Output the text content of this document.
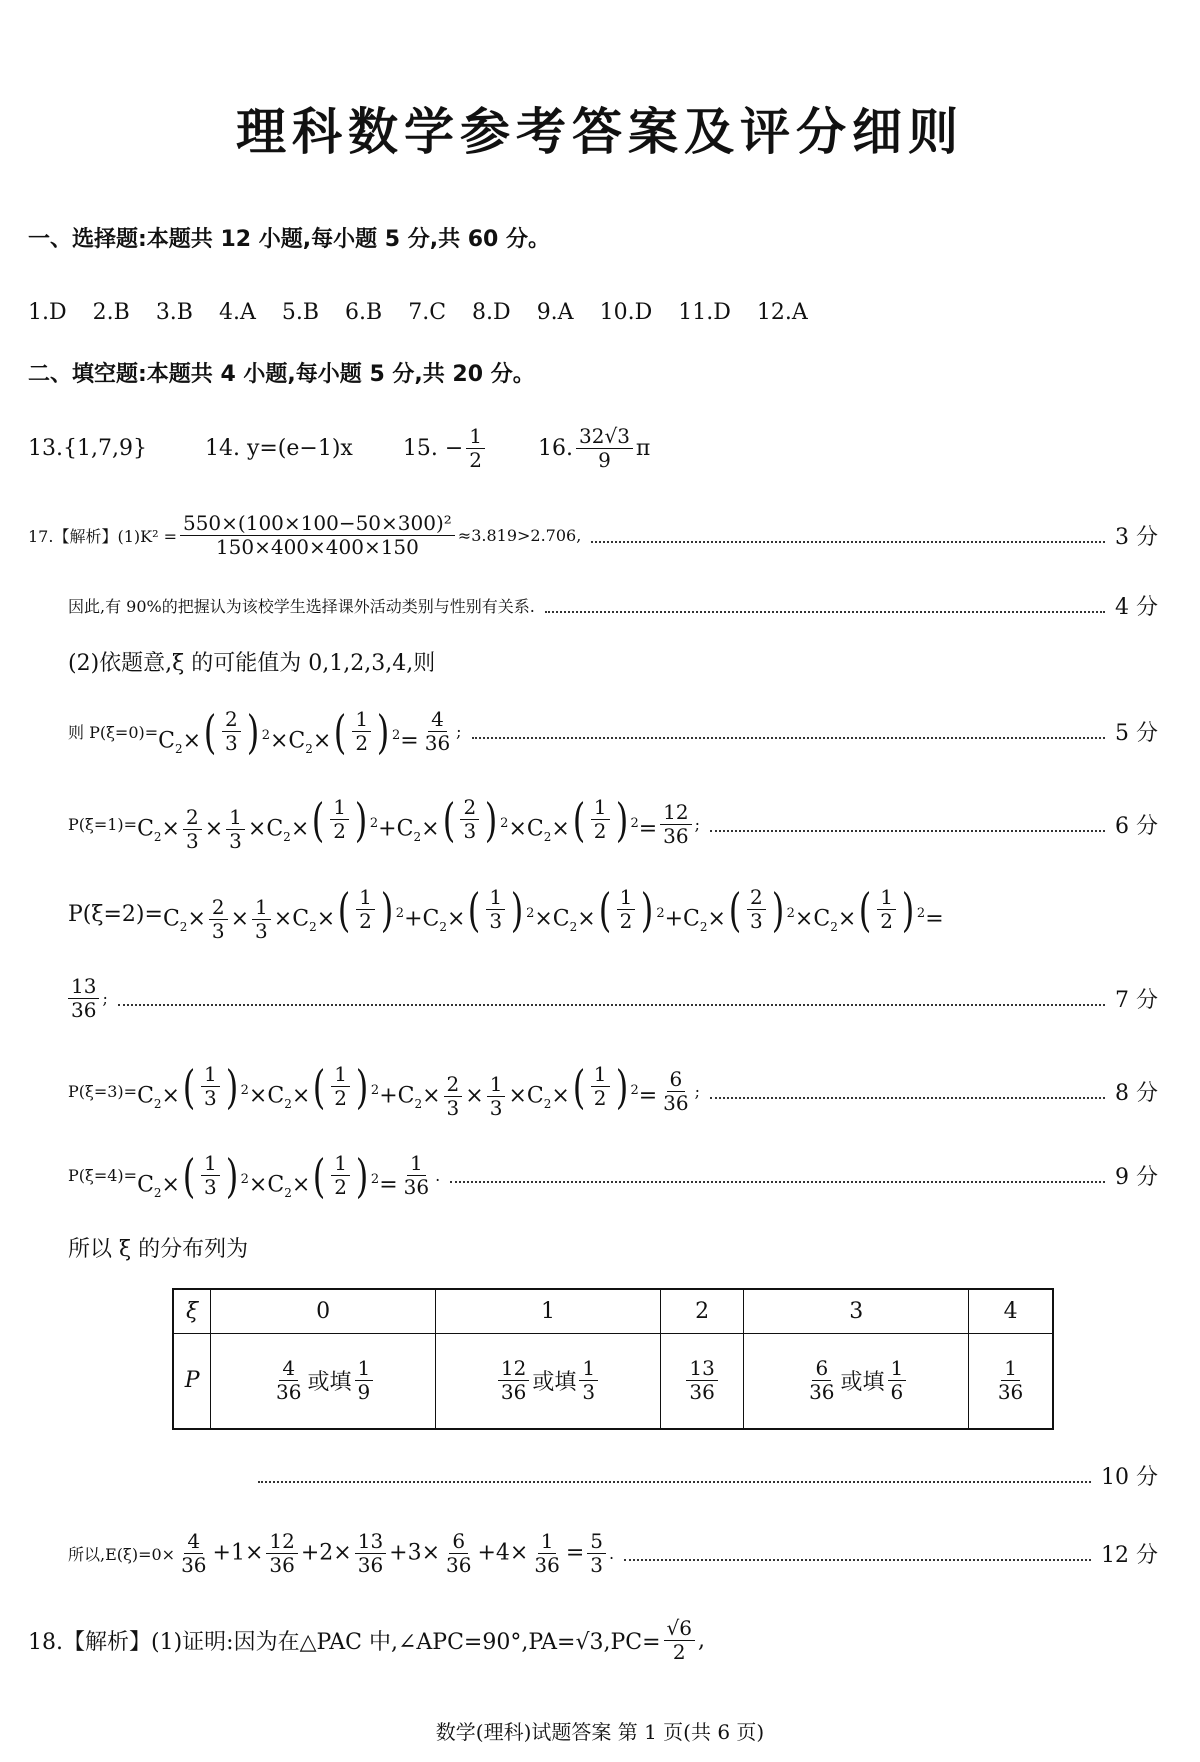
理科数学参考答案及评分细则
一、选择题:本题共 12 小题,每小题 5 分,共 60 分。
1.D 2.B 3.B 4.A 5.B 6.B 7.C 8.D 9.A 10.D 11.D 12.A
二、填空题:本题共 4 小题,每小题 5 分,共 20 分。
13.{1,7,9}	14. y=(e−1)x 15. − $\frac{1}{2} 16$. $\frac{32√3}{9}$ π
17.【解析】$(1)K^2 = \frac{\text{550×(100×100−50×300)²}}{150\times 400\times 400\times 150} \approx 3.819>2.706$,	3 分
因此,有 90%的把握认为该校学生选择课外活动类别与性别有关系.	4 分
(2)依题意,ξ 的可能值为 0,1,2,3,4,则
则 $P(\xi=0)= C_2\times$ ( $\frac{2}{3}$ ) $^2\times C_2\times$ ( $\frac{1}{2}$ ) $^2= \frac{4}{36}$ ;	5 分
$P(\xi=1)= C_2\times \frac{2}{3} \times \frac{1}{3} \times C_2\times$ ( $\frac{1}{2}$ ) $^2+C_2\times$ ( $\frac{2}{3}$ ) $^2\times C_2\times$ ( $\frac{1}{2}$ ) $^2= \frac{12}{36}$ ;	6 分
$P(\xi=2)= C_2\times \frac{2}{3} \times \frac{1}{3} \times C_2\times$ ( $\frac{1}{2}$ ) $^2+C_2\times$ ( $\frac{1}{3}$ ) $^2\times C_2\times$ ( $\frac{1}{2}$ ) $^2+C_2\times$ ( $\frac{2}{3}$ ) $^2\times C_2\times$ ( $\frac{1}{2}$ ) $^2$=
$\frac{13}{36}$ ;	7 分
$P(\xi=3)= C_2\times$ ( $\frac{1}{3}$ ) $^2\times C_2\times$ ( $\frac{1}{2}$ ) $^2+C_2\times \frac{2}{3} \times \frac{1}{3} \times C_2\times$ ( $\frac{1}{2}$ ) $^2= \frac{6}{36}$ ;	8 分
$P(\xi=4)= C_2\times$ ( $\frac{1}{3}$ ) $^2\times C_2\times$ ( $\frac{1}{2}$ ) $^2= \frac{1}{36}$ .	9 分
所以 ξ 的分布列为
ξ	0	1	2	3	4
P	$\frac{4}{36}$ 或填 $\frac{1}{9}$	$\frac{12}{36}$ 或填 $\frac{1}{3}$	$\frac{13}{36}$	$\frac{6}{36}$ 或填 $\frac{1}{6}$	$\frac{1}{36}$
10 分
所以$,E(\xi)=0\times \frac{4}{36} +1\times \frac{12}{36} +2\times \frac{13}{36} +3\times \frac{6}{36} +4\times \frac{1}{36} = \frac{5}{3}$ .	12 分
18.【解析】(1)证明:因为在△PAC 中,∠APC=90°,PA=√3,PC= $\frac{√6}{2}$ ,
数学(理科)试题答案 第 1 页(共 6 页)
